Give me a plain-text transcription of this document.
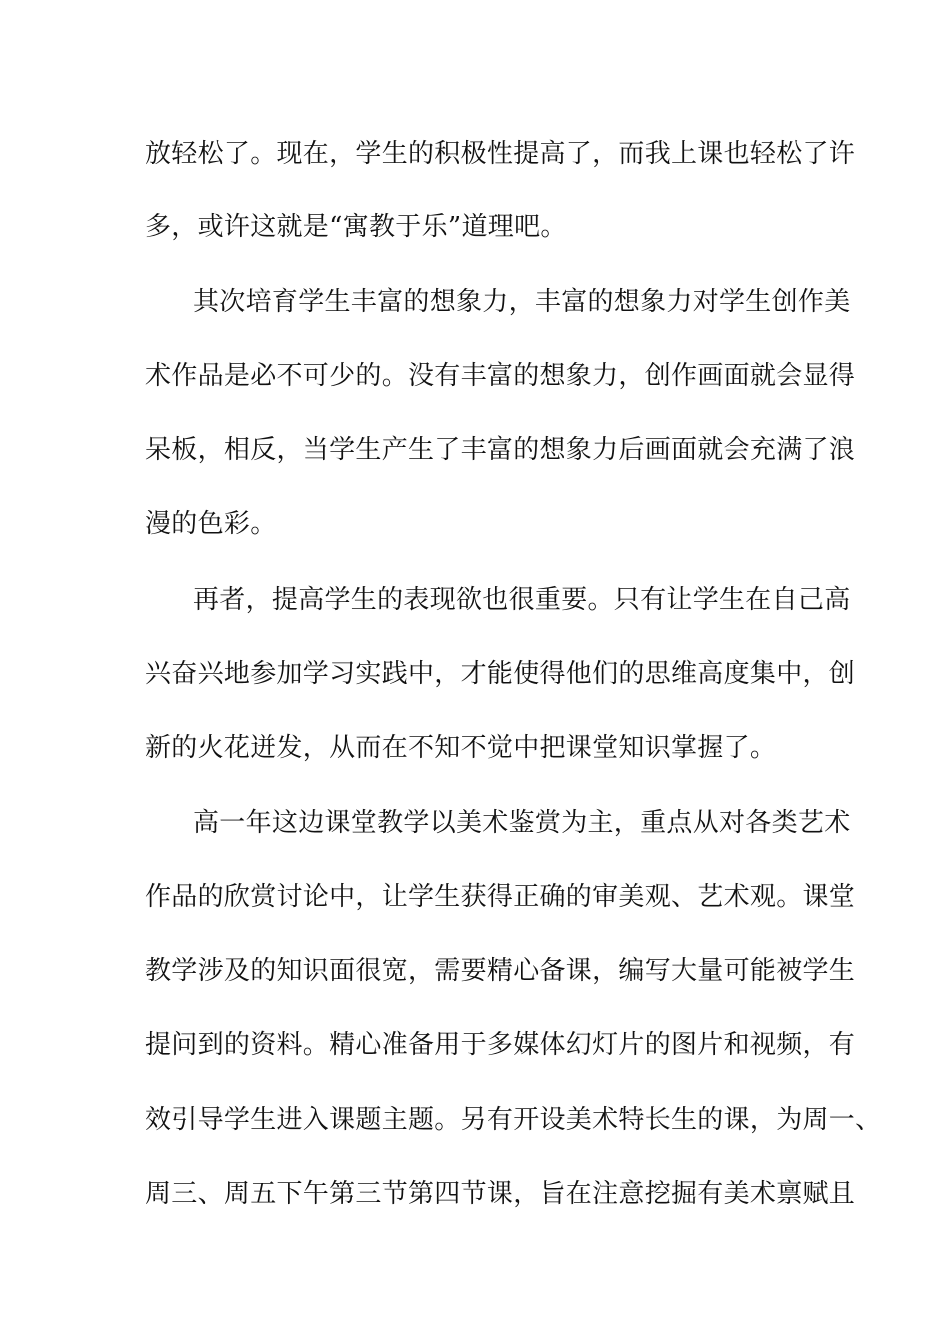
放轻松了。现在，学生的积极性提高了，而我上课也轻松了许
多，或许这就是“寓教于乐”道理吧。
其次培育学生丰富的想象力，丰富的想象力对学生创作美
术作品是必不可少的。没有丰富的想象力，创作画面就会显得
呆板，相反，当学生产生了丰富的想象力后画面就会充满了浪
漫的色彩。
再者，提高学生的表现欲也很重要。只有让学生在自己高
兴奋兴地参加学习实践中，才能使得他们的思维高度集中，创
新的火花迸发，从而在不知不觉中把课堂知识掌握了。
高一年这边课堂教学以美术鉴赏为主，重点从对各类艺术
作品的欣赏讨论中，让学生获得正确的审美观、艺术观。课堂
教学涉及的知识面很宽，需要精心备课，编写大量可能被学生
提问到的资料。精心准备用于多媒体幻灯片的图片和视频，有
效引导学生进入课题主题。另有开设美术特长生的课，为周一、
周三、周五下午第三节第四节课，旨在注意挖掘有美术禀赋且
